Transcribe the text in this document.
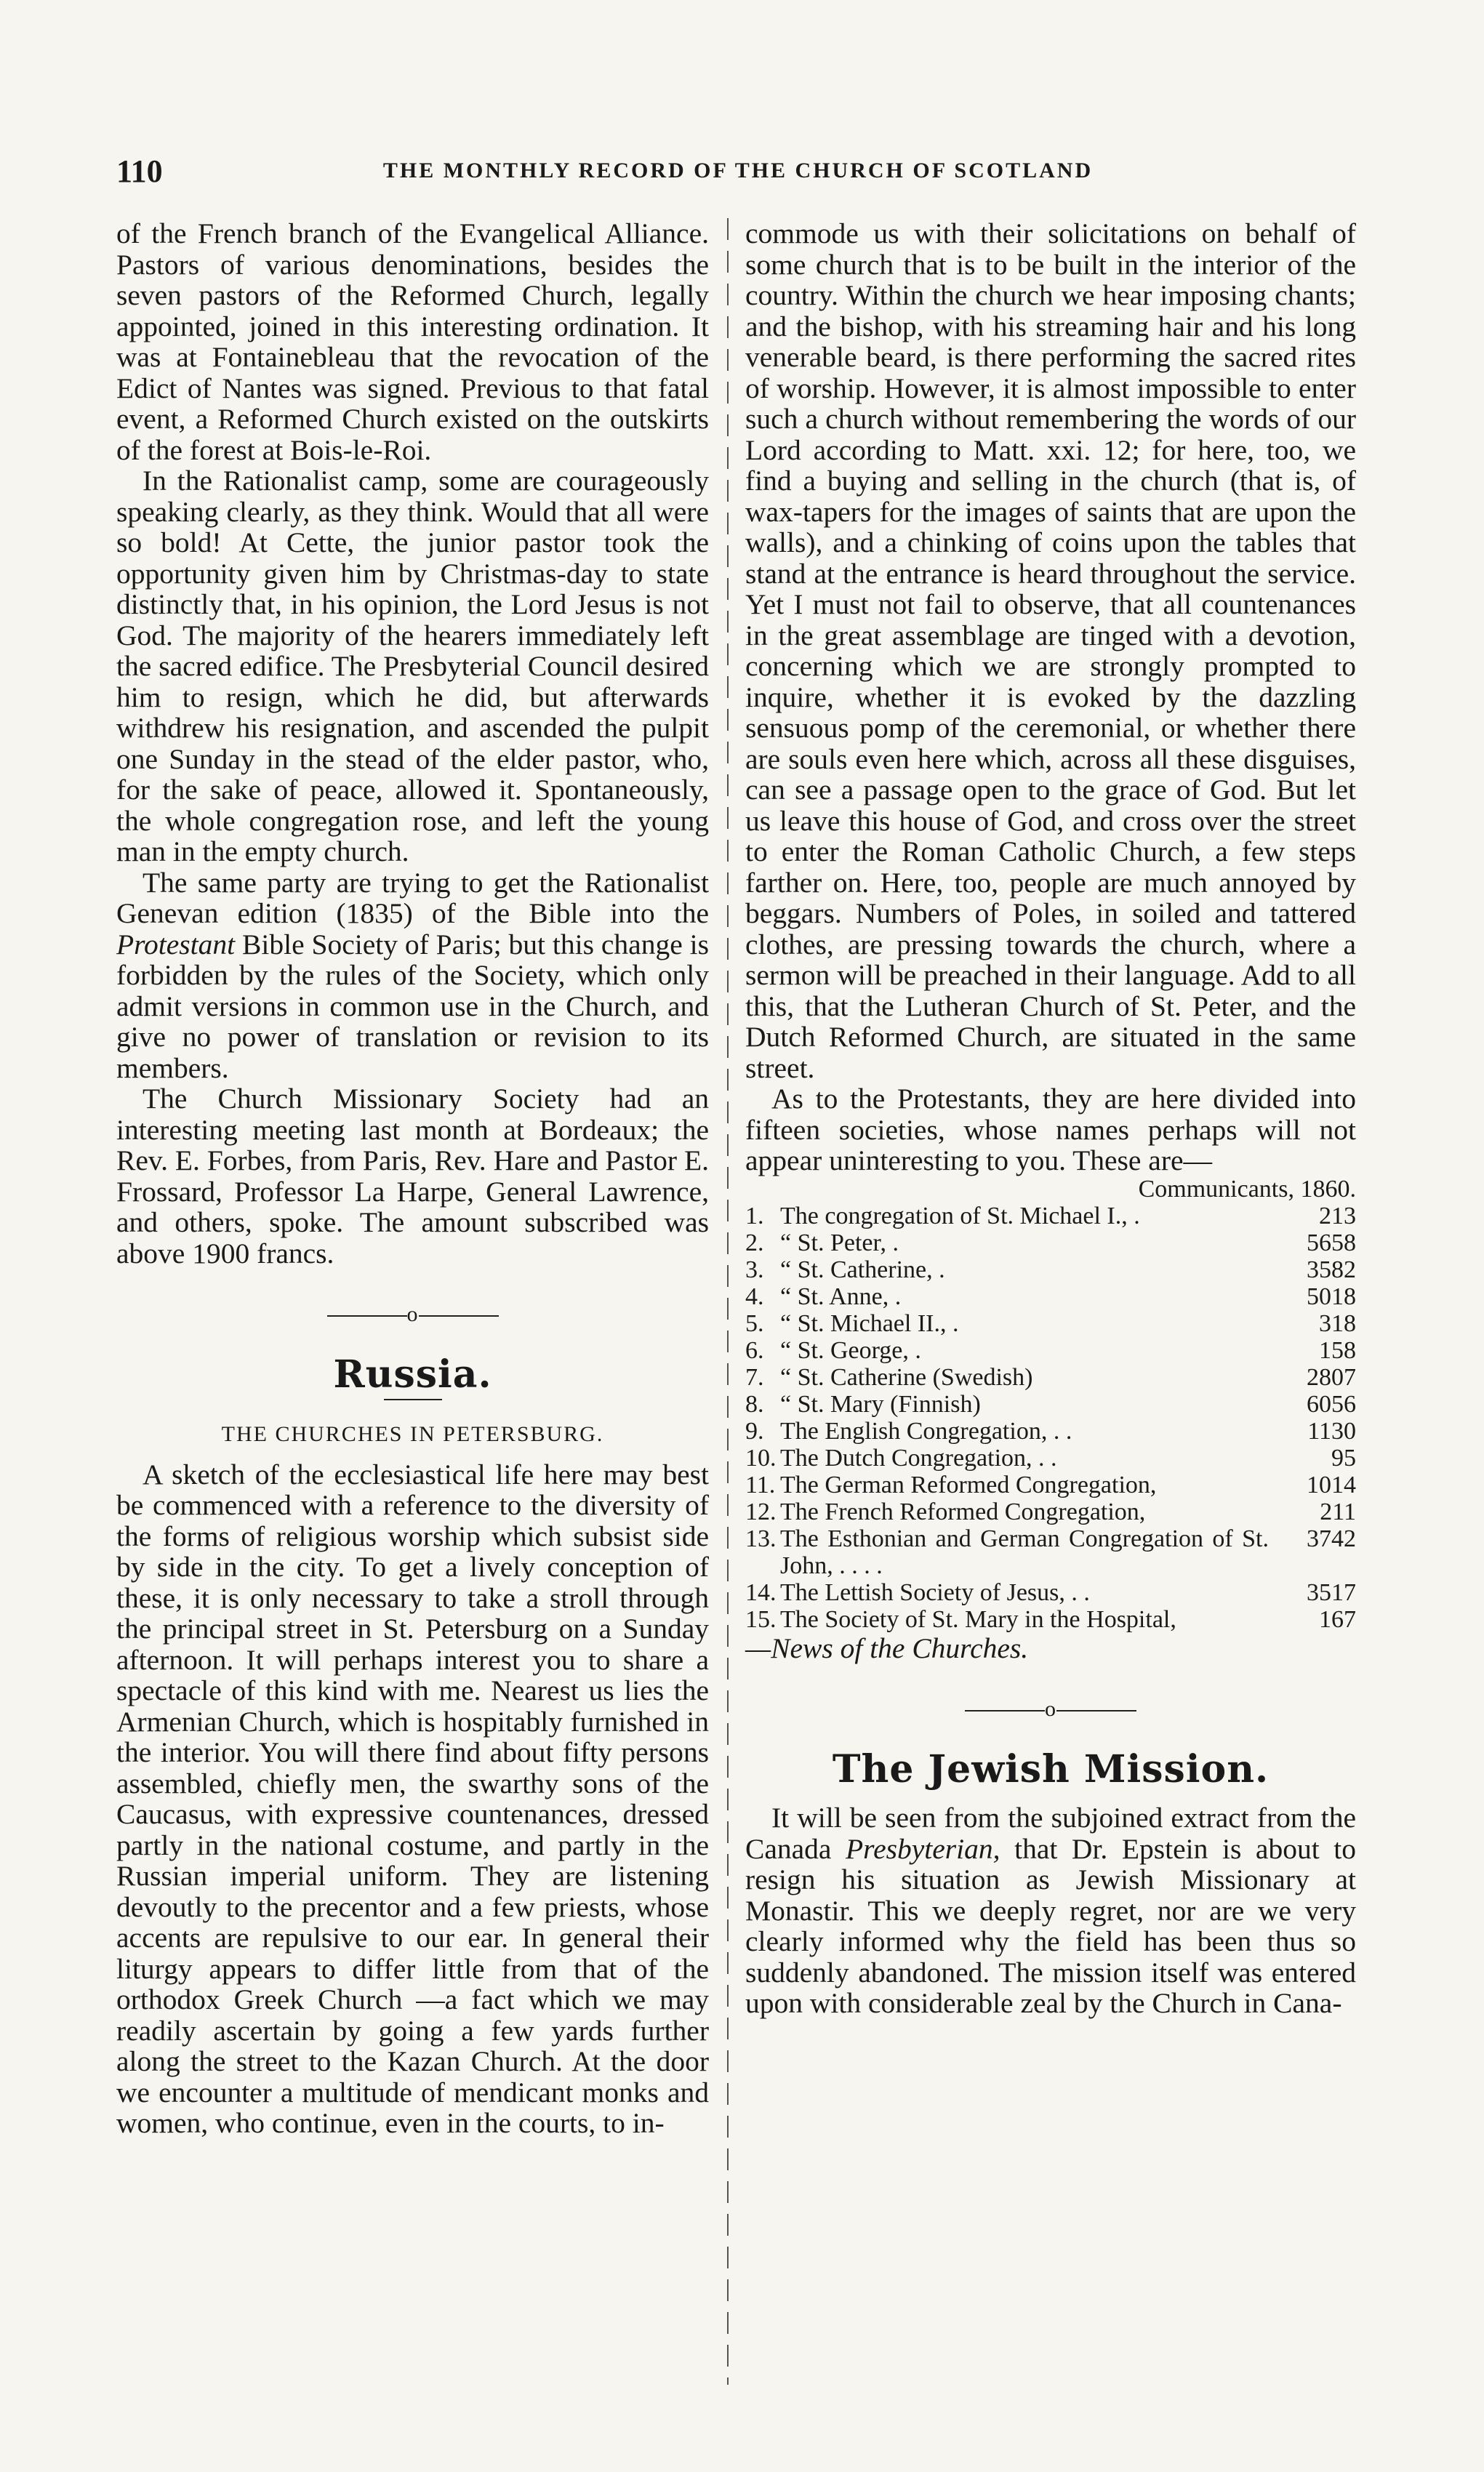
110	THE MONTHLY RECORD OF THE CHURCH OF SCOTLAND

of the French branch of the Evangelical Alliance. Pastors of various denominations, besides the seven pastors of the Reformed Church, legally appointed, joined in this interesting ordination. It was at Fontainebleau that the revocation of the Edict of Nantes was signed. Previous to that fatal event, a Reformed Church existed on the outskirts of the forest at Bois-le-Roi.

In the Rationalist camp, some are courageously speaking clearly, as they think. Would that all were so bold! At Cette, the junior pastor took the opportunity given him by Christmas-day to state distinctly that, in his opinion, the Lord Jesus is not God. The majority of the hearers immediately left the sacred edifice. The Presbyterial Council desired him to resign, which he did, but afterwards withdrew his resignation, and ascended the pulpit one Sunday in the stead of the elder pastor, who, for the sake of peace, allowed it. Spontaneously, the whole congregation rose, and left the young man in the empty church.

The same party are trying to get the Rationalist Genevan edition (1835) of the Bible into the Protestant Bible Society of Paris; but this change is forbidden by the rules of the Society, which only admit versions in common use in the Church, and give no power of translation or revision to its members.

The Church Missionary Society had an interesting meeting last month at Bordeaux; the Rev. E. Forbes, from Paris, Rev. Hare and Pastor E. Frossard, Professor La Harpe, General Lawrence, and others, spoke. The amount subscribed was above 1900 francs.

o
Russia.
THE CHURCHES IN PETERSBURG.

A sketch of the ecclesiastical life here may best be commenced with a reference to the diversity of the forms of religious worship which subsist side by side in the city. To get a lively conception of these, it is only necessary to take a stroll through the principal street in St. Petersburg on a Sunday afternoon. It will perhaps interest you to share a spectacle of this kind with me. Nearest us lies the Armenian Church, which is hospitably furnished in the interior. You will there find about fifty persons assembled, chiefly men, the swarthy sons of the Caucasus, with expressive countenances, dressed partly in the national costume, and partly in the Russian imperial uniform. They are listening devoutly to the precentor and a few priests, whose accents are repulsive to our ear. In general their liturgy appears to differ little from that of the orthodox Greek Church —a fact which we may readily ascertain by going a few yards further along the street to the Kazan Church. At the door we encounter a multitude of mendicant monks and women, who continue, even in the courts, to in-

commode us with their solicitations on behalf of some church that is to be built in the interior of the country. Within the church we hear imposing chants; and the bishop, with his streaming hair and his long venerable beard, is there performing the sacred rites of worship. However, it is almost impossible to enter such a church without remembering the words of our Lord according to Matt. xxi. 12; for here, too, we find a buying and selling in the church (that is, of wax-tapers for the images of saints that are upon the walls), and a chinking of coins upon the tables that stand at the entrance is heard throughout the service. Yet I must not fail to observe, that all countenances in the great assemblage are tinged with a devotion, concerning which we are strongly prompted to inquire, whether it is evoked by the dazzling sensuous pomp of the ceremonial, or whether there are souls even here which, across all these disguises, can see a passage open to the grace of God. But let us leave this house of God, and cross over the street to enter the Roman Catholic Church, a few steps farther on. Here, too, people are much annoyed by beggars. Numbers of Poles, in soiled and tattered clothes, are pressing towards the church, where a sermon will be preached in their language. Add to all this, that the Lutheran Church of St. Peter, and the Dutch Reformed Church, are situated in the same street.

As to the Protestants, they are here divided into fifteen societies, whose names perhaps will not appear uninteresting to you. These are—

Communicants, 1860.
1.	The congregation of St. Michael I., .	213
2.	“ St. Peter, .	5658
3.	“ St. Catherine, .	3582
4.	“ St. Anne, .	5018
5.	“ St. Michael II., .	318
6.	“ St. George, .	158
7.	“ St. Catherine (Swedish)	2807
8.	“ St. Mary (Finnish)	6056
9.	The English Congregation, . .	1130
10.	The Dutch Congregation, . .	95
11.	The German Reformed Congregation,	1014
12.	The French Reformed Congregation,	211
13.	The Esthonian and German Congregation of St. John, . . . .	3742
14.	The Lettish Society of Jesus, . .	3517
15.	The Society of St. Mary in the Hospital,	167

—News of the Churches.

o
The Jewish Mission.

It will be seen from the subjoined extract from the Canada Presbyterian, that Dr. Epstein is about to resign his situation as Jewish Missionary at Monastir. This we deeply regret, nor are we very clearly informed why the field has been thus so suddenly abandoned. The mission itself was entered upon with considerable zeal by the Church in Cana-
